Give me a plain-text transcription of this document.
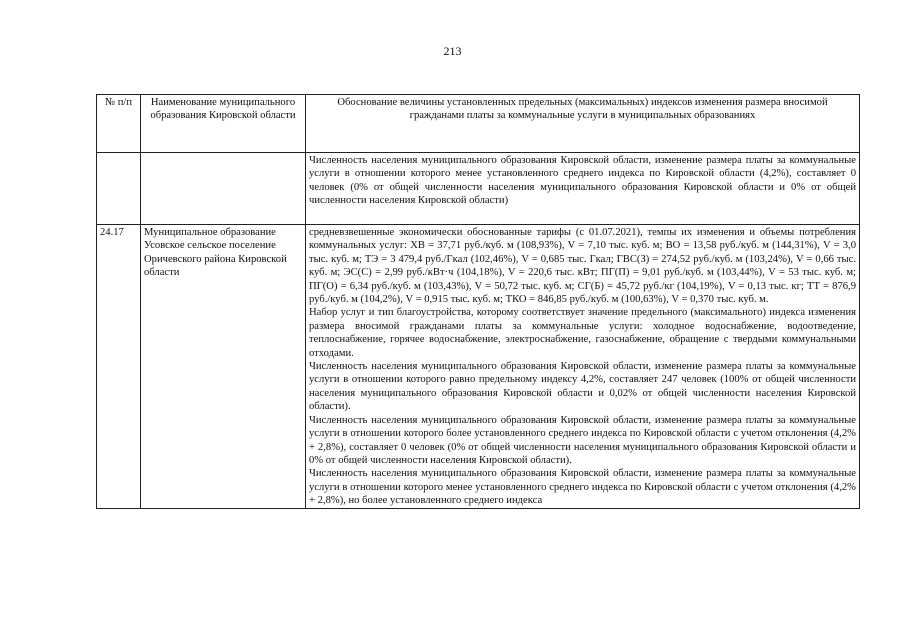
213
№ п/п	Наименование муниципального образования Кировской области	Обоснование величины установленных предельных (максимальных) индексов изменения размера вносимой гражданами платы за коммунальные услуги в муниципальных образованиях
		Численность населения муниципального образования Кировской области, изменение размера платы за коммунальные услуги в отношении которого менее установленного среднего индекса по Кировской области (4,2%), составляет 0 человек (0% от общей численности населения муниципального образования Кировской области и 0% от общей численности населения Кировской области)
24.17	Муниципальное образование Усовское сельское поселение Оричевского района Кировской области	средневзвешенные экономически обоснованные тарифы (с 01.07.2021), темпы их изменения и объемы потребления коммунальных услуг: ХВ = 37,71 руб./куб. м (108,93%), V = 7,10 тыс. куб. м; ВО = 13,58 руб./куб. м (144,31%), V = 3,0 тыс. куб. м; ТЭ = 3 479,4 руб./Гкал (102,46%), V = 0,685 тыс. Гкал; ГВС(З) = 274,52 руб./куб. м (103,24%), V = 0,66 тыс. куб. м; ЭС(С) = 2,99 руб./кВт·ч (104,18%), V = 220,6 тыс. кВт; ПГ(П) = 9,01 руб./куб. м (103,44%), V = 53 тыс. куб. м; ПГ(О) = 6,34 руб./куб. м (103,43%), V = 50,72 тыс. куб. м; СГ(Б) = 45,72 руб./кг (104,19%), V = 0,13 тыс. кг; ТТ = 876,9 руб./куб. м (104,2%), V = 0,915 тыс. куб. м; ТКО = 846,85 руб./куб. м (100,63%), V = 0,370 тыс. куб. м.

Набор услуг и тип благоустройства, которому соответствует значение предельного (максимального) индекса изменения размера вносимой гражданами платы за коммунальные услуги: холодное водоснабжение, водоотведение, теплоснабжение, горячее водоснабжение, электроснабжение, газоснабжение, обращение с твердыми коммунальными отходами.

Численность населения муниципального образования Кировской области, изменение размера платы за коммунальные услуги в отношении которого равно предельному индексу 4,2%, составляет 247 человек (100% от общей численности населения муниципального образования Кировской области и 0,02% от общей численности населения Кировской области).

Численность населения муниципального образования Кировской области, изменение размера платы за коммунальные услуги в отношении которого более установленного среднего индекса по Кировской области с учетом отклонения (4,2% + 2,8%), составляет 0 человек (0% от общей численности населения муниципального образования Кировской области и 0% от общей численности населения Кировской области).

Численность населения муниципального образования Кировской области, изменение размера платы за коммунальные услуги в отношении которого менее установленного среднего индекса по Кировской области с учетом отклонения (4,2% + 2,8%), но более установленного среднего индекса
